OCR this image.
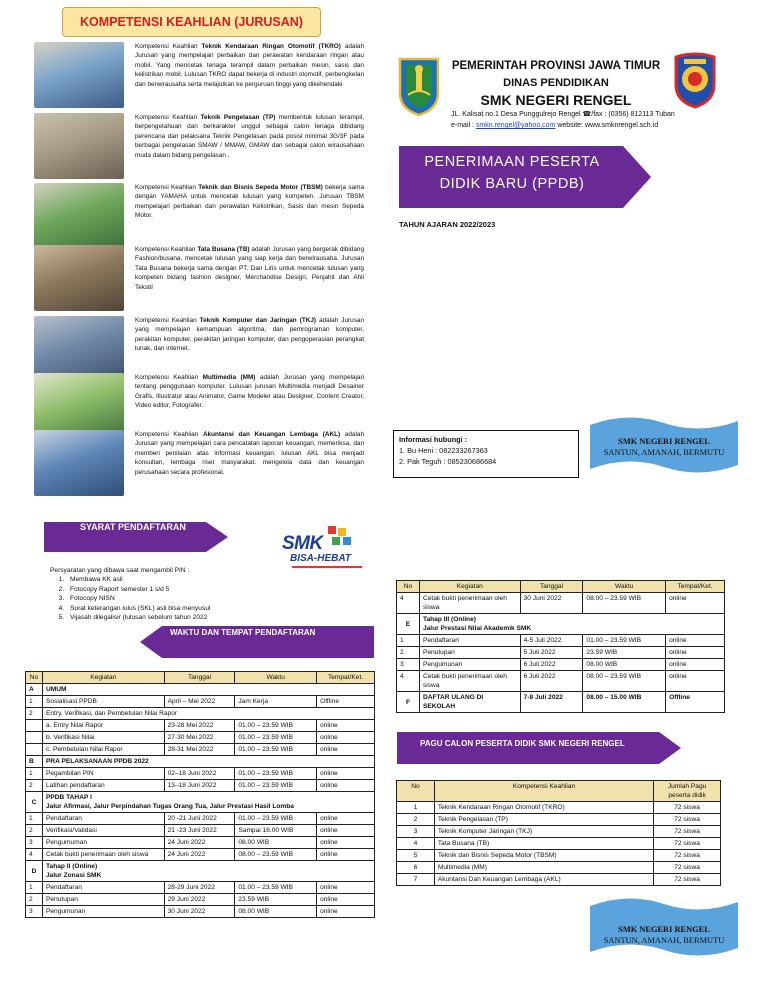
KOMPETENSI KEAHLIAN (JURUSAN)
Kompetensi Keahlian Teknik Kendaraan Ringan Otomotif (TKRO) adalah Jurusan yang mempelajari perbaikan dan perawatan kendaraan ringan atau mobil. Yang mencetak tenaga terampil dalam perbaikan mesin, sasis dan kelistrikan mobil. Lulusan TKRO dapat bekerja di industri otomotif, perbengkelan dan berwirausaha serta melajutkan ke perguruan tinggi yang dikehendaki
Kompetensi Keahlian Teknik Pengelasan (TP) membentuk lulusan terampil, berpengetahuan dan berkarakter unggul sebagai calon tenaga dibidang perencana dan pelaksana Teknik Pengelasan pada posisi minimal 3G/3F pada berbagai pengelasan SMAW / MMAW, GMAW dan sebagai calon wirausahaan muda dalam bidang pengelasan .
Kompetensi Keahlian Teknik dan Bisnis Sepeda Motor (TBSM) bekerja sama dengan YAMAHA untuk mencetak lulusan yang kompeten. Jurusan TBSM mempelajari perbaikan dan perawatan Kelistrikan, Sasis dan mesin Sepeda Motor.
Kompetensi Keahlian Tata Busana (TB) adalah Jurusan yang bergerak dibidang Fashion/busana, mencetak lulusan yang siap kerja dan berwirausaha. Jurusan Tata Busana bekerja sama dengan PT. Dan Liris untuk mencetak lulusan yang kompeten bidang fashion designer, Merchandise Design, Penjahit dan Ahli Tekstil
Kompetensi Keahlian Teknik Komputer dan Jaringan (TKJ) adalah Jurusan yang mempelajari kemampuan algoritma, dan pemrograman komputer, perakitan komputer, perakitan jaringan komputer, dan pengoperasian perangkat lunak, dan internet.
Kompetensi Keahlian Multimedia (MM) adalah Jurusan yang mempelajari tentang penggunaan komputer. Lulusan jurusan Multimedia menjadi Desainer Grafis, Illustrator atau Animator, Game Modeler atau Designer, Content Creator, Video editor, Fotografer.
Kompetensi Keahlian Akuntansi dan Keuangan Lembaga (AKL) adalah Jurusan yang mempelajari cara pencatatan laporan keuangan, memeriksa, dan memberi penilaian atas informasi keuangan. lulusan AKL bisa menjadi konsultan, lembaga riset masyarakat. mengelola data dan keuangan perusahaan secara profesional.
PEMERINTAH PROVINSI JAWA TIMUR
DINAS PENDIDIKAN
SMK NEGERI RENGEL
JL. Kalisat no.1 Desa Punggulrejo Rengel ☎/fax : (0356) 812113 Tuban
e-mail : smkn.rengel@yahoo.com website: www.smknrengel.sch.id
PENERIMAAN PESERTA
DIDIK BARU (PPDB)
TAHUN AJARAN 2022/2023
Informasi hubungi :
1. Bu Heni : 082233267363
2. Pak Teguh : 085230686684
SMK NEGERI RENGEL
SANTUN, AMANAH, BERMUTU
SMK NEGERI RENGEL
SANTUN, AMANAH, BERMUTU
SYARAT PENDAFTARAN
SMK
BISA-HEBAT
Persyaratan yang dibawa saat mengambil PIN :
1. Membawa KK asli
2. Fotocopy Raport semester 1 s/d 5
3. Fotocopy NISN
4. Surat keterangan lulus (SKL) asli bisa menyusul
5. Vijasah dilegalisir (lulusan sebelum tahun 2022
WAKTU DAN TEMPAT PENDAFTARAN
No	Kegiatan	Tanggal	Waktu	Tempat/Ket.
A	UMUM			

1	Sosialisasi PPDB	April – Mei 2022	Jam Kerja	Offline
2	Entry, Verifikasi, dan Pembetulan Nilai Rapor			
	a. Entry Nilai Rapor	23-28 Mei 2022	01.00 – 23.59 WIB	online
	b. Verifikasi Nilai	27-30 Mei 2022	01.00 – 23.59 WIB	online
	c. Pembetulan Nilai Rapor	28-31 Mei 2022	01.00 – 23.59 WIB	online
B	PRA PELAKSANAAN PPDB 2022			

1	Pegambilan PIN	02–18 Juni 2022	01.00 – 23.59 WIB	online
2	Latihan pendaftaran	13–18 Juni 2022	01.00 – 23.59 WIB	online
C	PPDB TAHAP I
Jalur Afirmasi, Jalur Perpindahan Tugas Orang Tua, Jalur Prestasi Hasil Lomba			

1	Pendaftaran	20 -21 Juni 2022	01.00 – 23.59 WIB	online
2	Verifikasi/Validasi	21 -23 Juni 2022	Sampai 16.00 WIB	online
3	Pengumuman	24 Juni 2022	08.00 WIB	online
4	Cetak bukti penerimaan oleh siswa	24 Juni 2022	08.00 – 23.59 WIB	online
D	Tahap II (Online)
Jalur Zonasi SMK			

1	Pendaftaran	28-29 Juni 2022	01.00 – 23.59 WIB	online
2	Penutupan	29 Juni 2022	23.59 WIB	online
3	Pengumunan	30 Juni 2022	08.00 WIB	online
No	Kegiatan	Tanggal	Waktu	Tempat/Ket.
4	Cetak bukti penerimaan oleh siswa	30 Juni 2022	08.00 – 23.59 WIB	online
E	Tahap III (Online)
Jalur Prestasi Nilai Akademik SMK			

1	Pendaftaran	4-5 Juli 2022	01.00 – 23.59 WIB	online
2	Penutupan	5 Juli 2022	23.59 WIB	online
3	Pengumunan	6 Juli 2022	08.00 WIB	online
4	Cetak bukti penerimaan oleh siswa	6 Juli 2022	08.00 – 23.59 WIB	online
F	DAFTAR ULANG DI SEKOLAH	7-8 Juli 2022	08.00 – 15.00 WIB	Offline
PAGU CALON PESERTA DIDIK SMK NEGERI RENGEL
No	Kompetensi Keahlian	Jumlah Pagu peserta didik
1	Teknik Kendaraan Ringan Otomotif (TKRO)	72 siswa
2	Teknik Pengelasan (TP)	72 siswa
3	Teknik Komputer Jaringan (TKJ)	72 siswa
4	Tata Busana (TB)	72 siswa
5	Teknik dan Bisnis Sepeda Motor (TBSM)	72 siswa
6	Multimedia (MM)	72 siswa
7	Akuntansi Dan Keuangan Lembaga (AKL)	72 siswa
